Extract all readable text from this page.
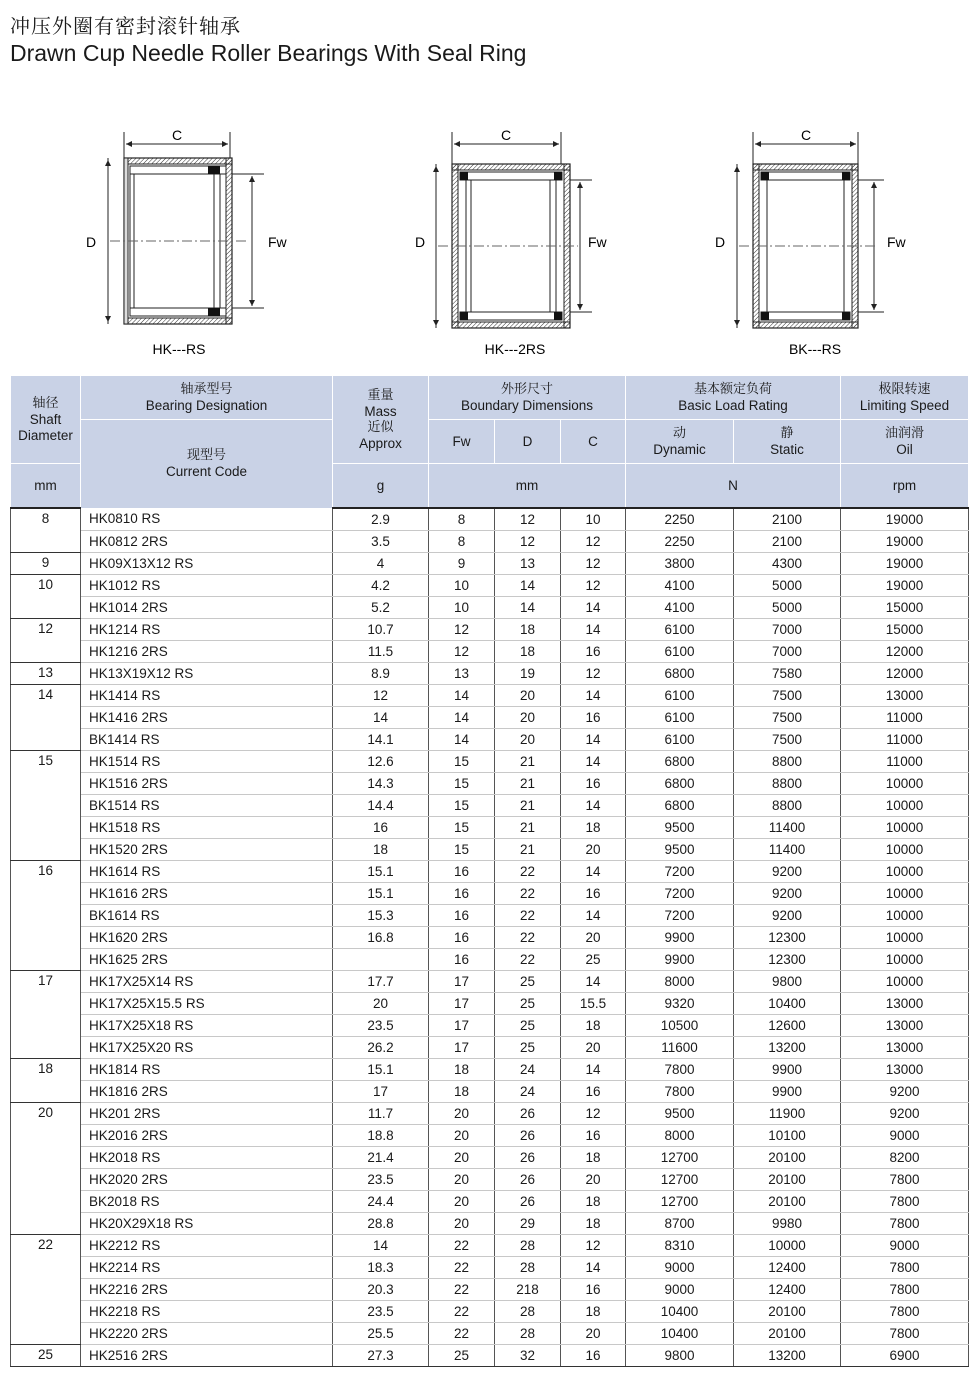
冲压外圈有密封滚针轴承
Drawn Cup Needle Roller Bearings With Seal Ring
C
D	Fw
HK---RS
C
D	Fw
HK---2RS
C
D	Fw
BK---RS
轴径
Shaft
Diameter	轴承型号
Bearing Designation	重量
Mass
近似
Approx	外形尺寸
Boundary Dimensions			基本额定负荷
Basic Load Rating		极限转速
Limiting Speed

	现型号
Current Code		Fw	D	C	动
Dynamic	静
Static	油润滑
Oil
mm		g	mm			N		rpm
8	HK0810 RS	2.9	8	12	10	2250	2100	19000
	HK0812 2RS	3.5	8	12	12	2250	2100	19000
9	HK09X13X12 RS	4	9	13	12	3800	4300	19000
10	HK1012 RS	4.2	10	14	12	4100	5000	19000
	HK1014 2RS	5.2	10	14	14	4100	5000	15000
12	HK1214 RS	10.7	12	18	14	6100	7000	15000
	HK1216 2RS	11.5	12	18	16	6100	7000	12000
13	HK13X19X12 RS	8.9	13	19	12	6800	7580	12000
14	HK1414 RS	12	14	20	14	6100	7500	13000
	HK1416 2RS	14	14	20	16	6100	7500	11000
	BK1414 RS	14.1	14	20	14	6100	7500	11000
15	HK1514 RS	12.6	15	21	14	6800	8800	11000
	HK1516 2RS	14.3	15	21	16	6800	8800	10000
	BK1514 RS	14.4	15	21	14	6800	8800	10000
	HK1518 RS	16	15	21	18	9500	11400	10000
	HK1520 2RS	18	15	21	20	9500	11400	10000
16	HK1614 RS	15.1	16	22	14	7200	9200	10000
	HK1616 2RS	15.1	16	22	16	7200	9200	10000
	BK1614 RS	15.3	16	22	14	7200	9200	10000
	HK1620 2RS	16.8	16	22	20	9900	12300	10000
	HK1625 2RS		16	22	25	9900	12300	10000
17	HK17X25X14 RS	17.7	17	25	14	8000	9800	10000
	HK17X25X15.5 RS	20	17	25	15.5	9320	10400	13000
	HK17X25X18 RS	23.5	17	25	18	10500	12600	13000
	HK17X25X20 RS	26.2	17	25	20	11600	13200	13000
18	HK1814 RS	15.1	18	24	14	7800	9900	13000
	HK1816 2RS	17	18	24	16	7800	9900	9200
20	HK201 2RS	11.7	20	26	12	9500	11900	9200
	HK2016 2RS	18.8	20	26	16	8000	10100	9000
	HK2018 RS	21.4	20	26	18	12700	20100	8200
	HK2020 2RS	23.5	20	26	20	12700	20100	7800
	BK2018 RS	24.4	20	26	18	12700	20100	7800
	HK20X29X18 RS	28.8	20	29	18	8700	9980	7800
22	HK2212 RS	14	22	28	12	8310	10000	9000
	HK2214 RS	18.3	22	28	14	9000	12400	7800
	HK2216 2RS	20.3	22	218	16	9000	12400	7800
	HK2218 RS	23.5	22	28	18	10400	20100	7800
	HK2220 2RS	25.5	22	28	20	10400	20100	7800
25	HK2516 2RS	27.3	25	32	16	9800	13200	6900
